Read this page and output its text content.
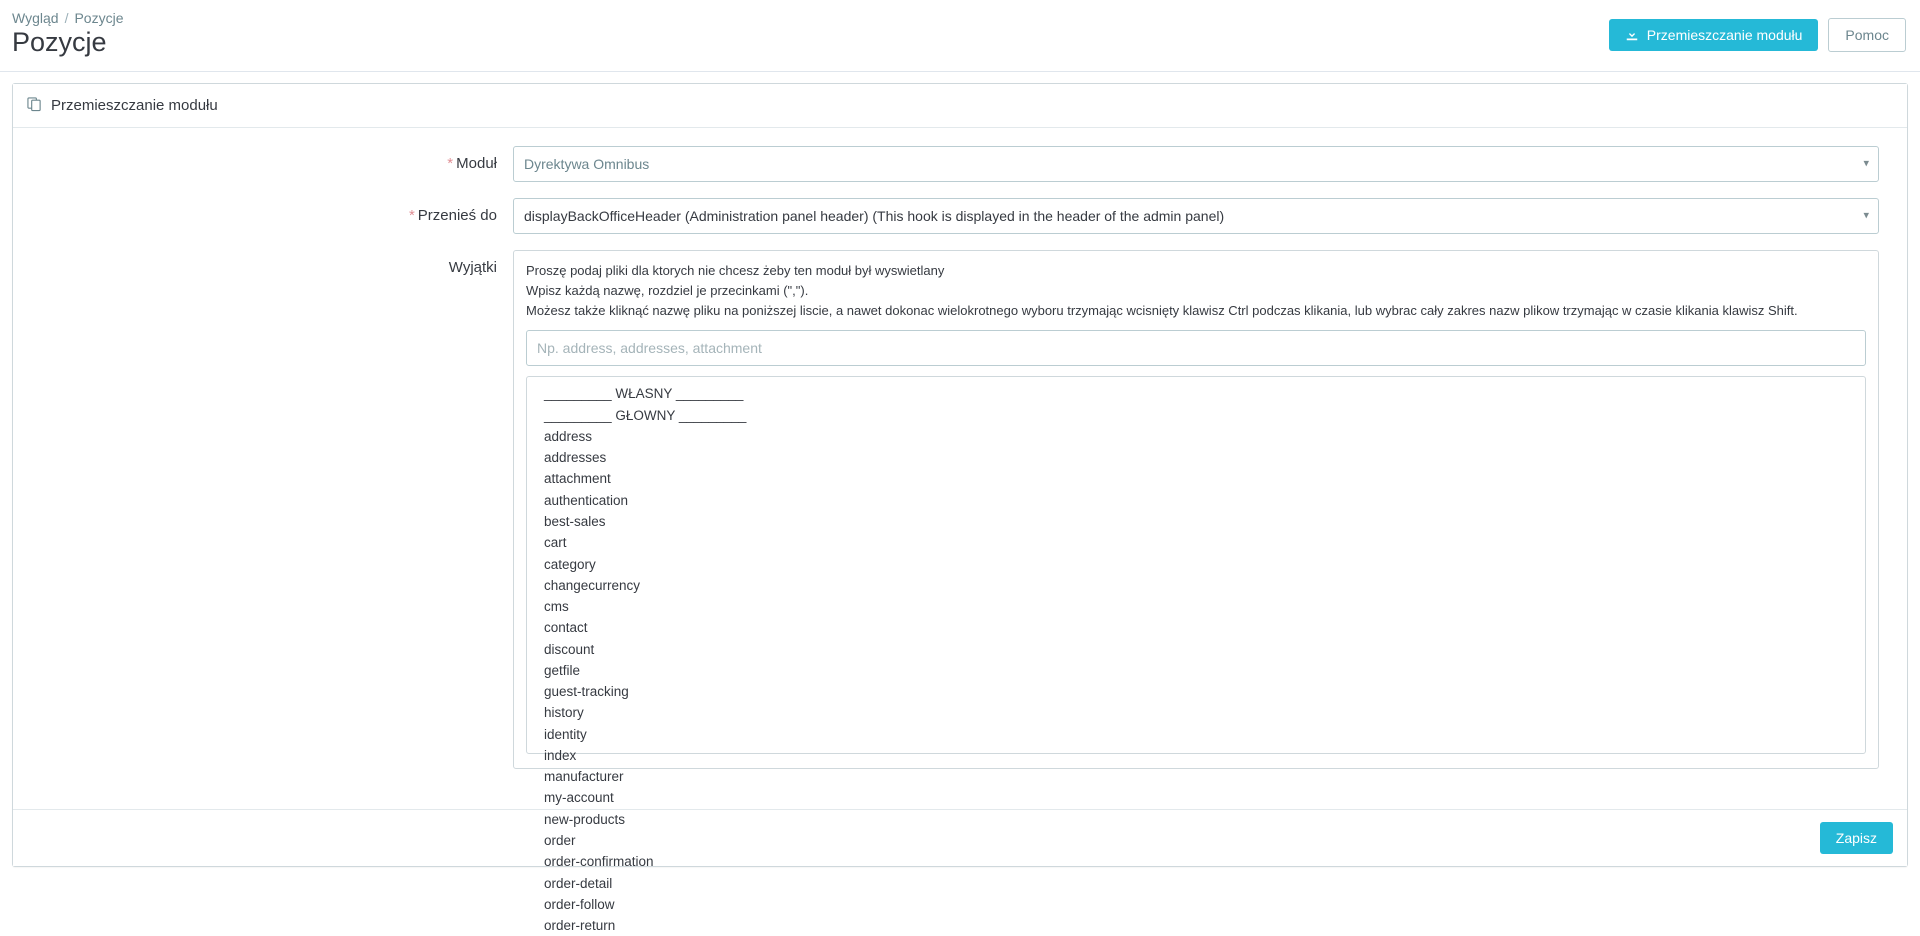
Wygląd / Pozycje
Pozycje	Przemieszczanie modułu	Pomoc
Przemieszczanie modułu
* Moduł
Dyrektywa Omnibus	▾
* Przenieś do
displayBackOfficeHeader (Administration panel header) (This hook is displayed in the header of the admin panel)	▾
Wyjątki	Proszę podaj pliki dla ktorych nie chcesz żeby ten moduł był wyswietlany
Wpisz każdą nazwę, rozdziel je przecinkami (",").
Możesz także kliknąć nazwę pliku na poniższej liscie, a nawet dokonac wielokrotnego wyboru trzymając wcisnięty klawisz Ctrl podczas klikania, lub wybrac cały zakres nazw plikow trzymając w czasie klikania klawisz Shift.
Np. address, addresses, attachment
_________ WŁASNY _________
_________ GŁOWNY _________
address
addresses
attachment
authentication
best-sales
cart
category
changecurrency
cms
contact
discount
getfile
guest-tracking
history
identity
index
manufacturer
my-account
new-products
order
order-confirmation
order-detail
order-follow
order-return
Zapisz
